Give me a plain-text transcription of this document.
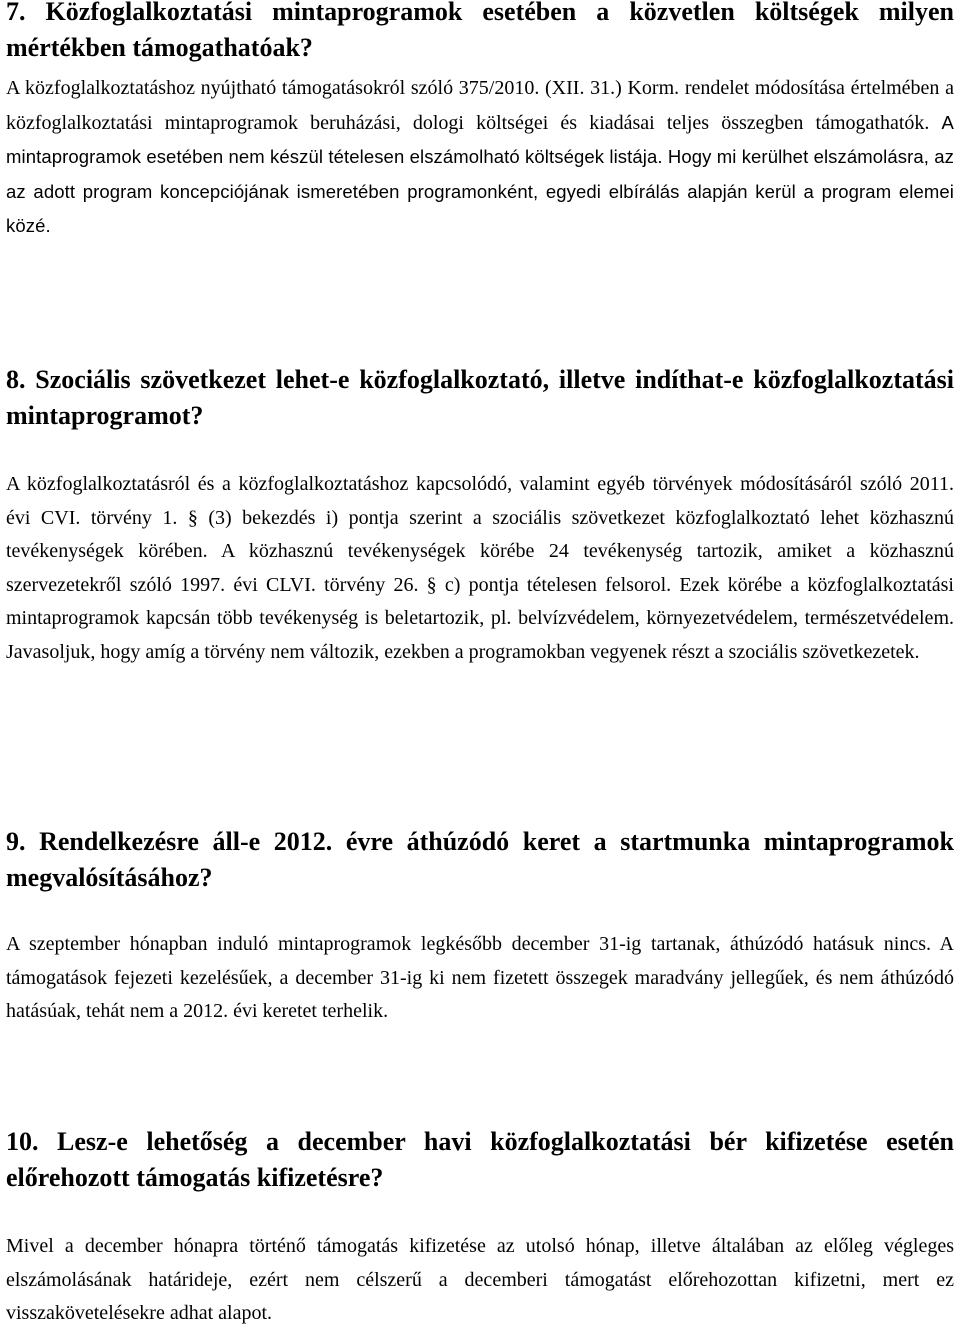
7. Közfoglalkoztatási mintaprogramok esetében a közvetlen költségek milyen mértékben támogathatóak?

A közfoglalkoztatáshoz nyújtható támogatásokról szóló 375/2010. (XII. 31.) Korm. rendelet módosítása értelmében a közfoglalkoztatási mintaprogramok beruházási, dologi költségei és kiadásai teljes összegben támogathatók. A mintaprogramok esetében nem készül tételesen elszámolható költségek listája. Hogy mi kerülhet elszámolásra, az az adott program koncepciójának ismeretében programonként, egyedi elbírálás alapján kerül a program elemei közé.

8. Szociális szövetkezet lehet-e közfoglalkoztató, illetve indíthat-e közfoglalkoztatási mintaprogramot?

A közfoglalkoztatásról és a közfoglalkoztatáshoz kapcsolódó, valamint egyéb törvények módosításáról szóló 2011. évi CVI. törvény 1. § (3) bekezdés i) pontja szerint a szociális szövetkezet közfoglalkoztató lehet közhasznú tevékenységek körében. A közhasznú tevékenységek körébe 24 tevékenység tartozik, amiket a közhasznú szervezetekről szóló 1997. évi CLVI. törvény 26. § c) pontja tételesen felsorol. Ezek körébe a közfoglalkoztatási mintaprogramok kapcsán több tevékenység is beletartozik, pl. belvízvédelem, környezetvédelem, természetvédelem. Javasoljuk, hogy amíg a törvény nem változik, ezekben a programokban vegyenek részt a szociális szövetkezetek.

9. Rendelkezésre áll-e 2012. évre áthúzódó keret a startmunka mintaprogramok megvalósításához?

A szeptember hónapban induló mintaprogramok legkésőbb december 31-ig tartanak, áthúzódó hatásuk nincs. A támogatások fejezeti kezelésűek, a december 31-ig ki nem fizetett összegek maradvány jellegűek, és nem áthúzódó hatásúak, tehát nem a 2012. évi keretet terhelik.

10. Lesz-e lehetőség a december havi közfoglalkoztatási bér kifizetése esetén előrehozott támogatás kifizetésre?

Mivel a december hónapra történő támogatás kifizetése az utolsó hónap, illetve általában az előleg végleges elszámolásának határideje, ezért nem célszerű a decemberi támogatást előrehozottan kifizetni, mert ez visszakövetelésekre adhat alapot.
